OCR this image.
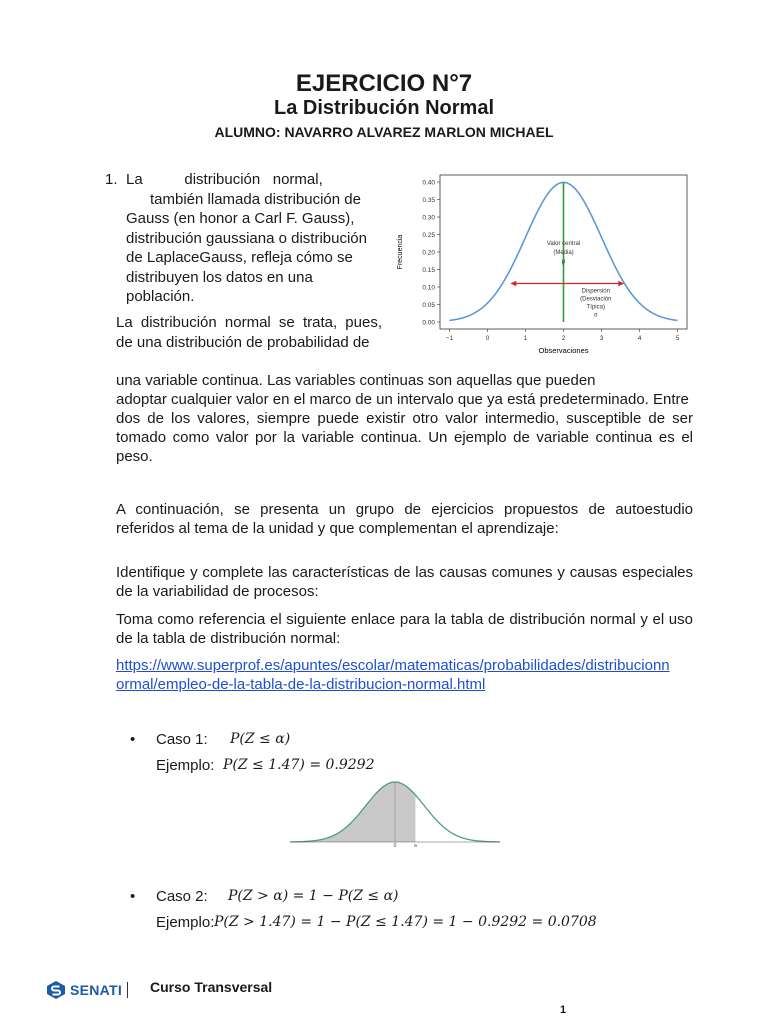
EJERCICIO N°7
La Distribución Normal
ALUMNO: NAVARRO ALVAREZ MARLON MICHAEL
1. La          distribución   normal,
también llamada distribución de
Gauss (en honor a Carl F. Gauss),
distribución gaussiana o distribución
de LaplaceGauss, refleja cómo se
distribuyen los datos en una
población.
La distribución normal se trata, pues,
de una distribución de probabilidad de
0.40
0.35
0.30
0.25
0.20
0.15
0.10
0.05
0.00
−1	0	1	2	3	4	5
Frecuencia
Observaciones
Valor central
(Media)
μ
Dispersión
(Desviación
Típica)
σ
una variable continua. Las variables continuas son aquellas que pueden
adoptar cualquier valor en el marco de un intervalo que ya está predeterminado. Entre
dos de los valores, siempre puede existir otro valor intermedio, susceptible de ser
tomado como valor por la variable continua. Un ejemplo de variable continua es el
peso.
A continuación, se presenta un grupo de ejercicios propuestos de autoestudio
referidos al tema de la unidad y que complementan el aprendizaje:
Identifique y complete las características de las causas comunes y causas especiales
de la variabilidad de procesos:
Toma como referencia el siguiente enlace para la tabla de distribución normal y el uso
de la tabla de distribución normal:
https://www.superprof.es/apuntes/escolar/matematicas/probabilidades/distribucionn
ormal/empleo-de-la-tabla-de-la-distribucion-normal.html
• Caso 1: P(Z ≤ α)
Ejemplo: P(Z ≤ 1.47) = 0.9292
0	a
• Caso 2: P(Z > α) = 1 − P(Z ≤ α)
Ejemplo: P(Z > 1.47) = 1 − P(Z ≤ 1.47) = 1 − 0.9292 = 0.0708
SENATI Curso Transversal
1
